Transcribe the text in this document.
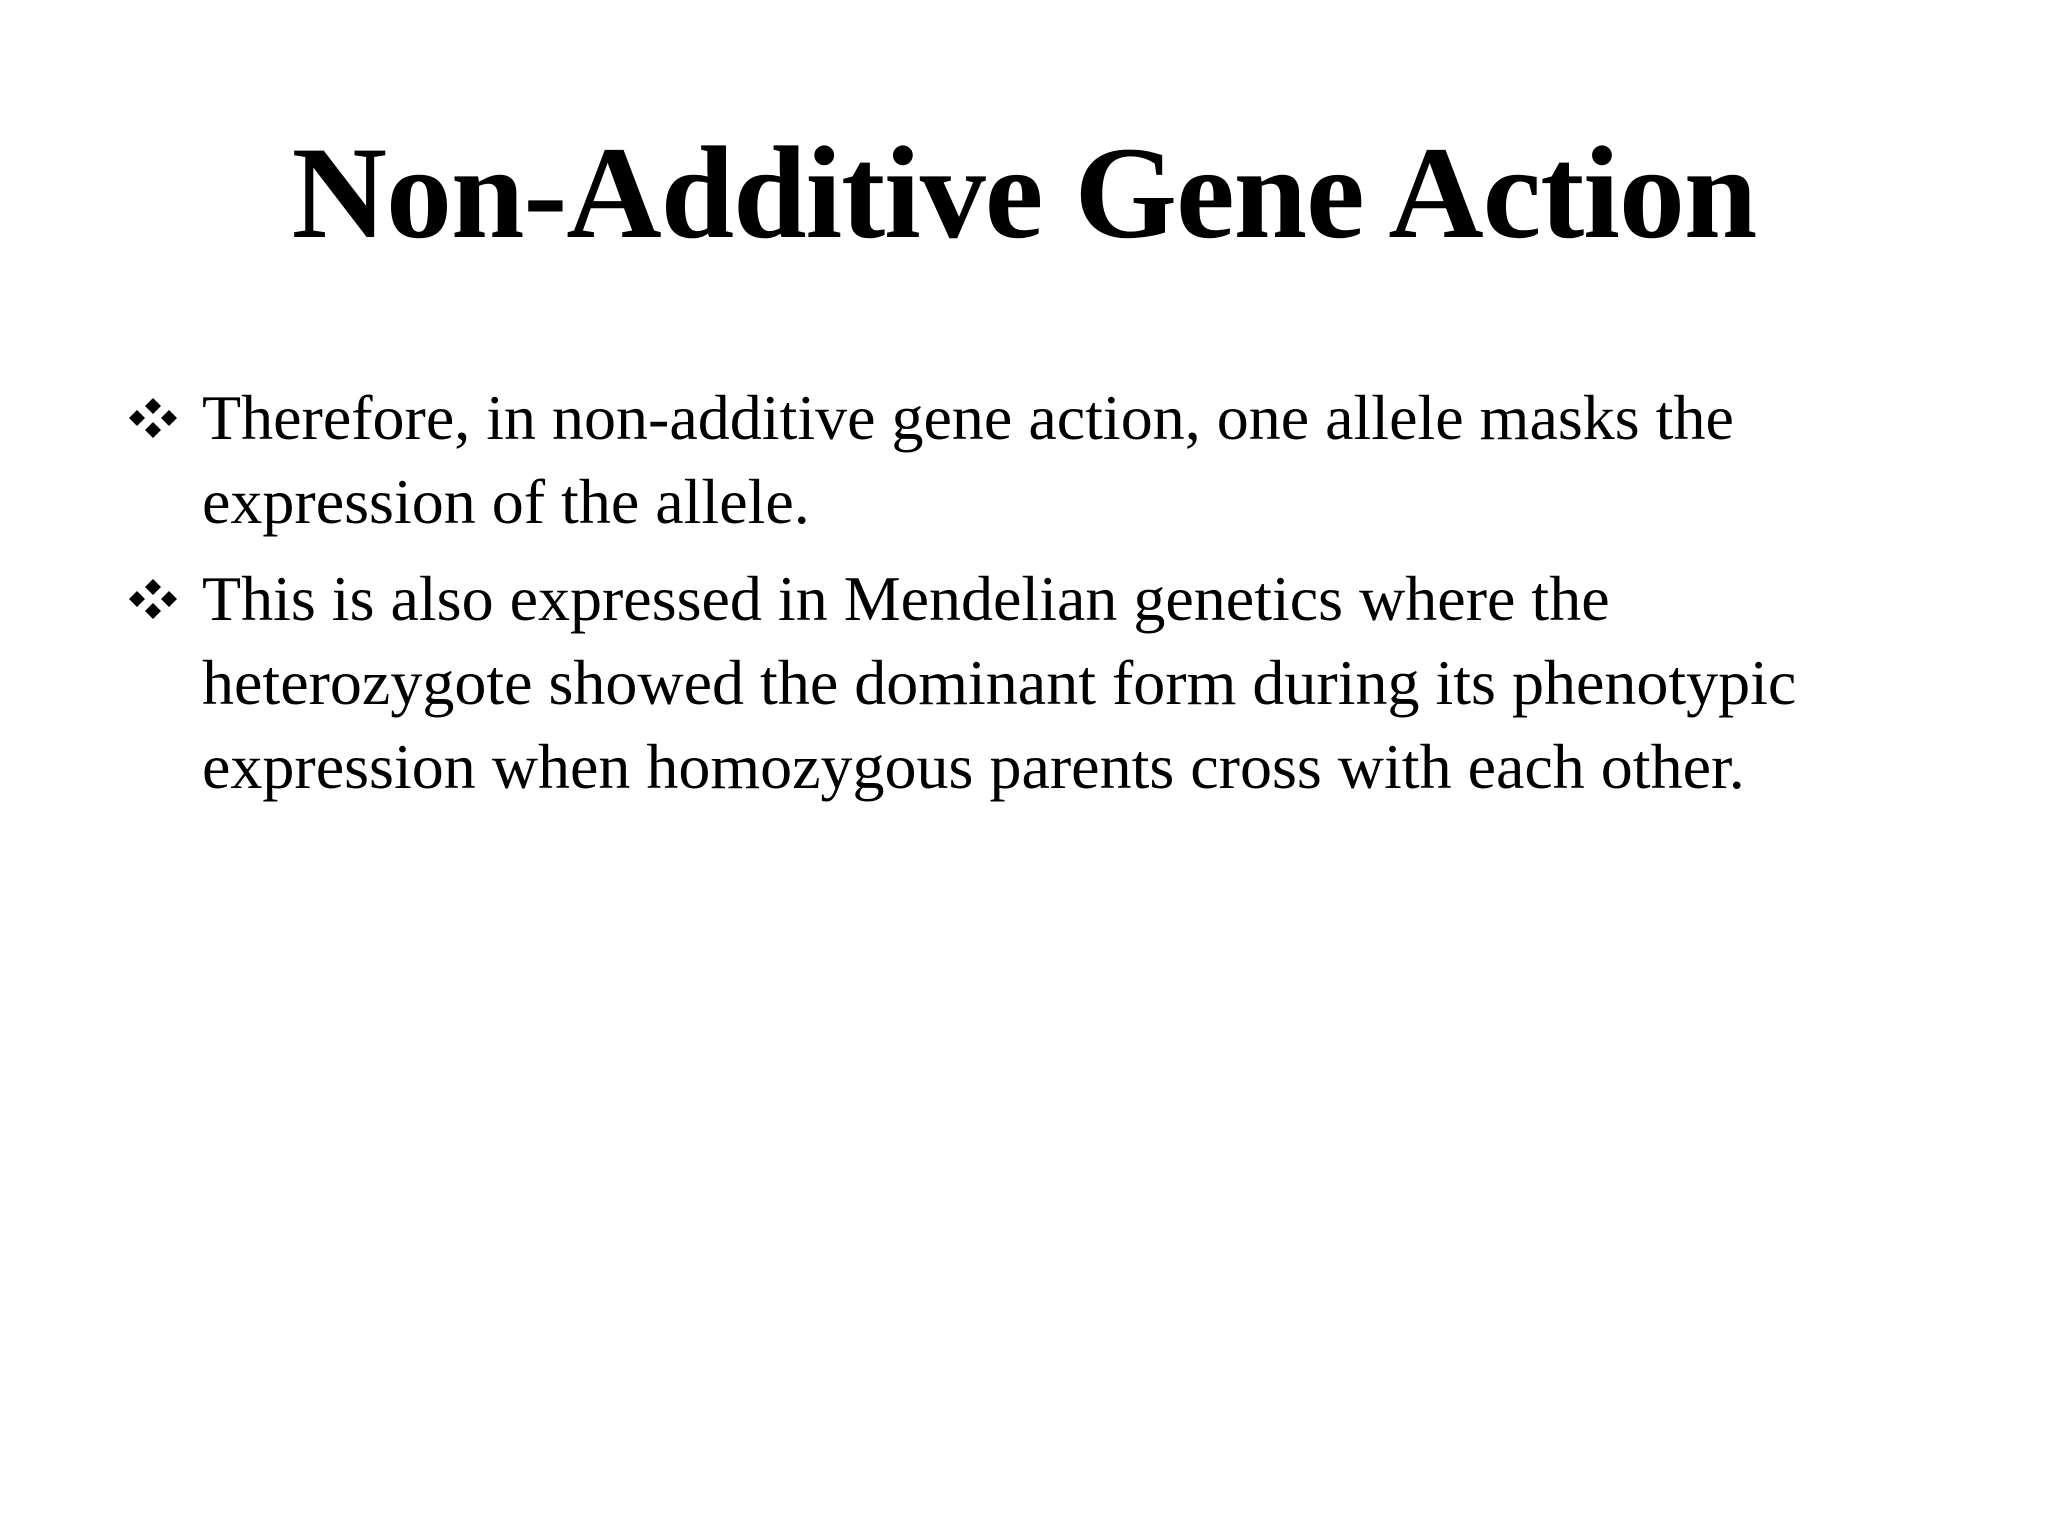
Non-Additive Gene Action
Therefore, in non-additive gene action, one allele masks the
expression of the allele.
This is also expressed in Mendelian genetics where the
heterozygote showed the dominant form during its phenotypic
expression when homozygous parents cross with each other.
